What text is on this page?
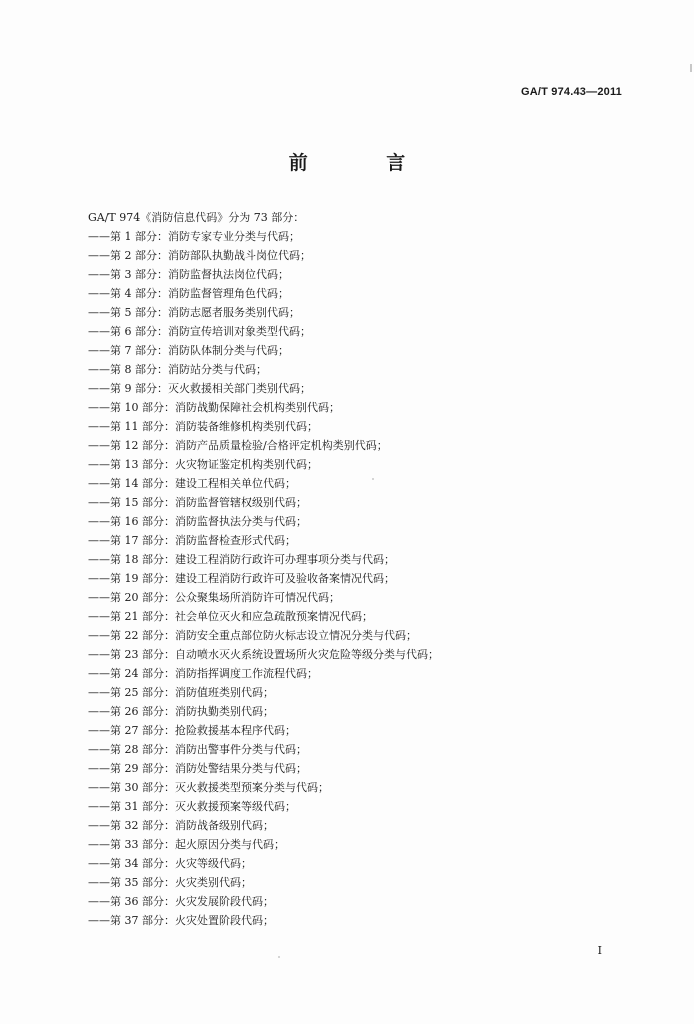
GA/T 974.43—2011
前 言
GA/T 974《消防信息代码》分为 73 部分：
——第 1 部分：消防专家专业分类与代码；
——第 2 部分：消防部队执勤战斗岗位代码；
——第 3 部分：消防监督执法岗位代码；
——第 4 部分：消防监督管理角色代码；
——第 5 部分：消防志愿者服务类别代码；
——第 6 部分：消防宣传培训对象类型代码；
——第 7 部分：消防队体制分类与代码；
——第 8 部分：消防站分类与代码；
——第 9 部分：灭火救援相关部门类别代码；
——第 10 部分：消防战勤保障社会机构类别代码；
——第 11 部分：消防装备维修机构类别代码；
——第 12 部分：消防产品质量检验/合格评定机构类别代码；
——第 13 部分：火灾物证鉴定机构类别代码；
——第 14 部分：建设工程相关单位代码；
——第 15 部分：消防监督管辖权级别代码；
——第 16 部分：消防监督执法分类与代码；
——第 17 部分：消防监督检查形式代码；
——第 18 部分：建设工程消防行政许可办理事项分类与代码；
——第 19 部分：建设工程消防行政许可及验收备案情况代码；
——第 20 部分：公众聚集场所消防许可情况代码；
——第 21 部分：社会单位灭火和应急疏散预案情况代码；
——第 22 部分：消防安全重点部位防火标志设立情况分类与代码；
——第 23 部分：自动喷水灭火系统设置场所火灾危险等级分类与代码；
——第 24 部分：消防指挥调度工作流程代码；
——第 25 部分：消防值班类别代码；
——第 26 部分：消防执勤类别代码；
——第 27 部分：抢险救援基本程序代码；
——第 28 部分：消防出警事件分类与代码；
——第 29 部分：消防处警结果分类与代码；
——第 30 部分：灭火救援类型预案分类与代码；
——第 31 部分：灭火救援预案等级代码；
——第 32 部分：消防战备级别代码；
——第 33 部分：起火原因分类与代码；
——第 34 部分：火灾等级代码；
——第 35 部分：火灾类别代码；
——第 36 部分：火灾发展阶段代码；
——第 37 部分：火灾处置阶段代码；
I
